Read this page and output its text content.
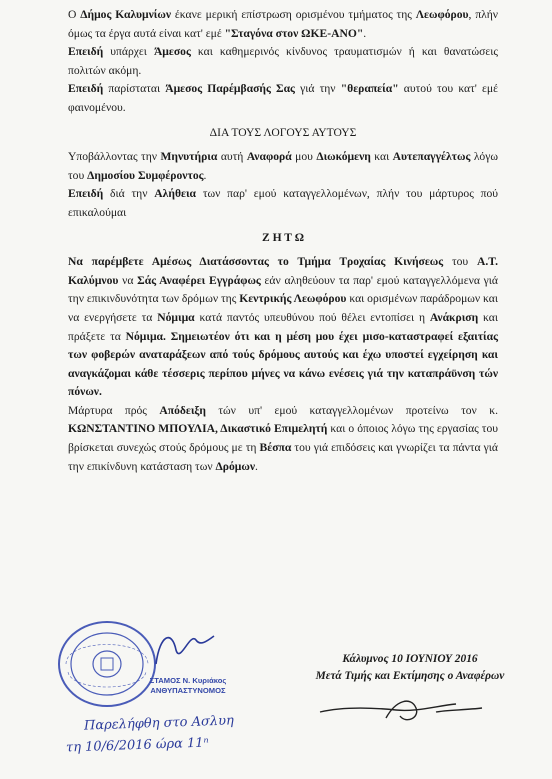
Ο Δήμος Καλυμνίων έκανε μερική επίστρωση ορισμένου τμήματος της Λεωφόρου, πλήν όμως τα έργα αυτά είναι κατ' εμέ "Σταγόνα στον ΩΚΕ-ΑΝΟ".

Επειδή υπάρχει Άμεσος και καθημερινός κίνδυνος τραυματισμών ή και θανατώσεις πολιτών ακόμη.

Επειδή παρίσταται Άμεσος Παρέμβασής Σας γιά την "θεραπεία" αυτού του κατ' εμέ φαινομένου.

ΔΙΑ ΤΟΥΣ ΛΟΓΟΥΣ ΑΥΤΟΥΣ

Υποβάλλοντας την Μηνυτήρια αυτή Αναφορά μου Διωκόμενη και Αυτεπαγγέλτως λόγω του Δημοσίου Συμφέροντος.

Επειδή διά την Αλήθεια των παρ' εμού καταγγελλομένων, πλήν του μάρτυρος πού επικαλούμαι

Ζ Η Τ Ω

Να παρέμβετε Αμέσως Διατάσσοντας το Τμήμα Τροχαίας Κινήσεως του Α.Τ. Καλύμνου να Σάς Αναφέρει Εγγράφως εάν αληθεύουν τα παρ' εμού καταγγελλόμενα γιά την επικινδυνότητα των δρόμων της Κεντρικής Λεωφόρου και ορισμένων παράδρομων και να ενεργήσετε τα Νόμιμα κατά παντός υπευθύνου πού θέλει εντοπίσει η Ανάκριση και πράξετε τα Νόμιμα. Σημειωτέον ότι και η μέση μου έχει μισο-καταστραφεί εξαιτίας των φοβερών αναταράξεων από τούς δρόμους αυτούς και έχω υποστεί εγχείρηση και αναγκάζομαι κάθε τέσσερις περίπου μήνες να κάνω ενέσεις γιά την καταπράϋνση τών πόνων.

Μάρτυρα πρός Απόδειξη τών υπ' εμού καταγγελλομένων προτείνω τον κ. ΚΩΝΣΤΑΝΤΙΝΟ ΜΠΟΥΛΙΑ, Δικαστικό Επιμελητή και ο όποιος λόγω της εργασίας του βρίσκεται συνεχώς στούς δρόμους με τη Βέσπα του γιά επιδόσεις και γνωρίζει τα πάντα γιά την επικίνδυνη κατάσταση των Δρόμων.

Κάλυμνος 10 ΙΟΥΝΙΟΥ 2016
Μετά Τιμής και Εκτίμησης ο Αναφέρων
ΣΤΑΜΟΣ Ν. Κυριάκος
ΑΝΘΥΠΑΣΤΥΝΟΜΟΣ
Παρελήφθη στο Ασλυη
τη 10/6/2016 ώρα 11ⁿ
